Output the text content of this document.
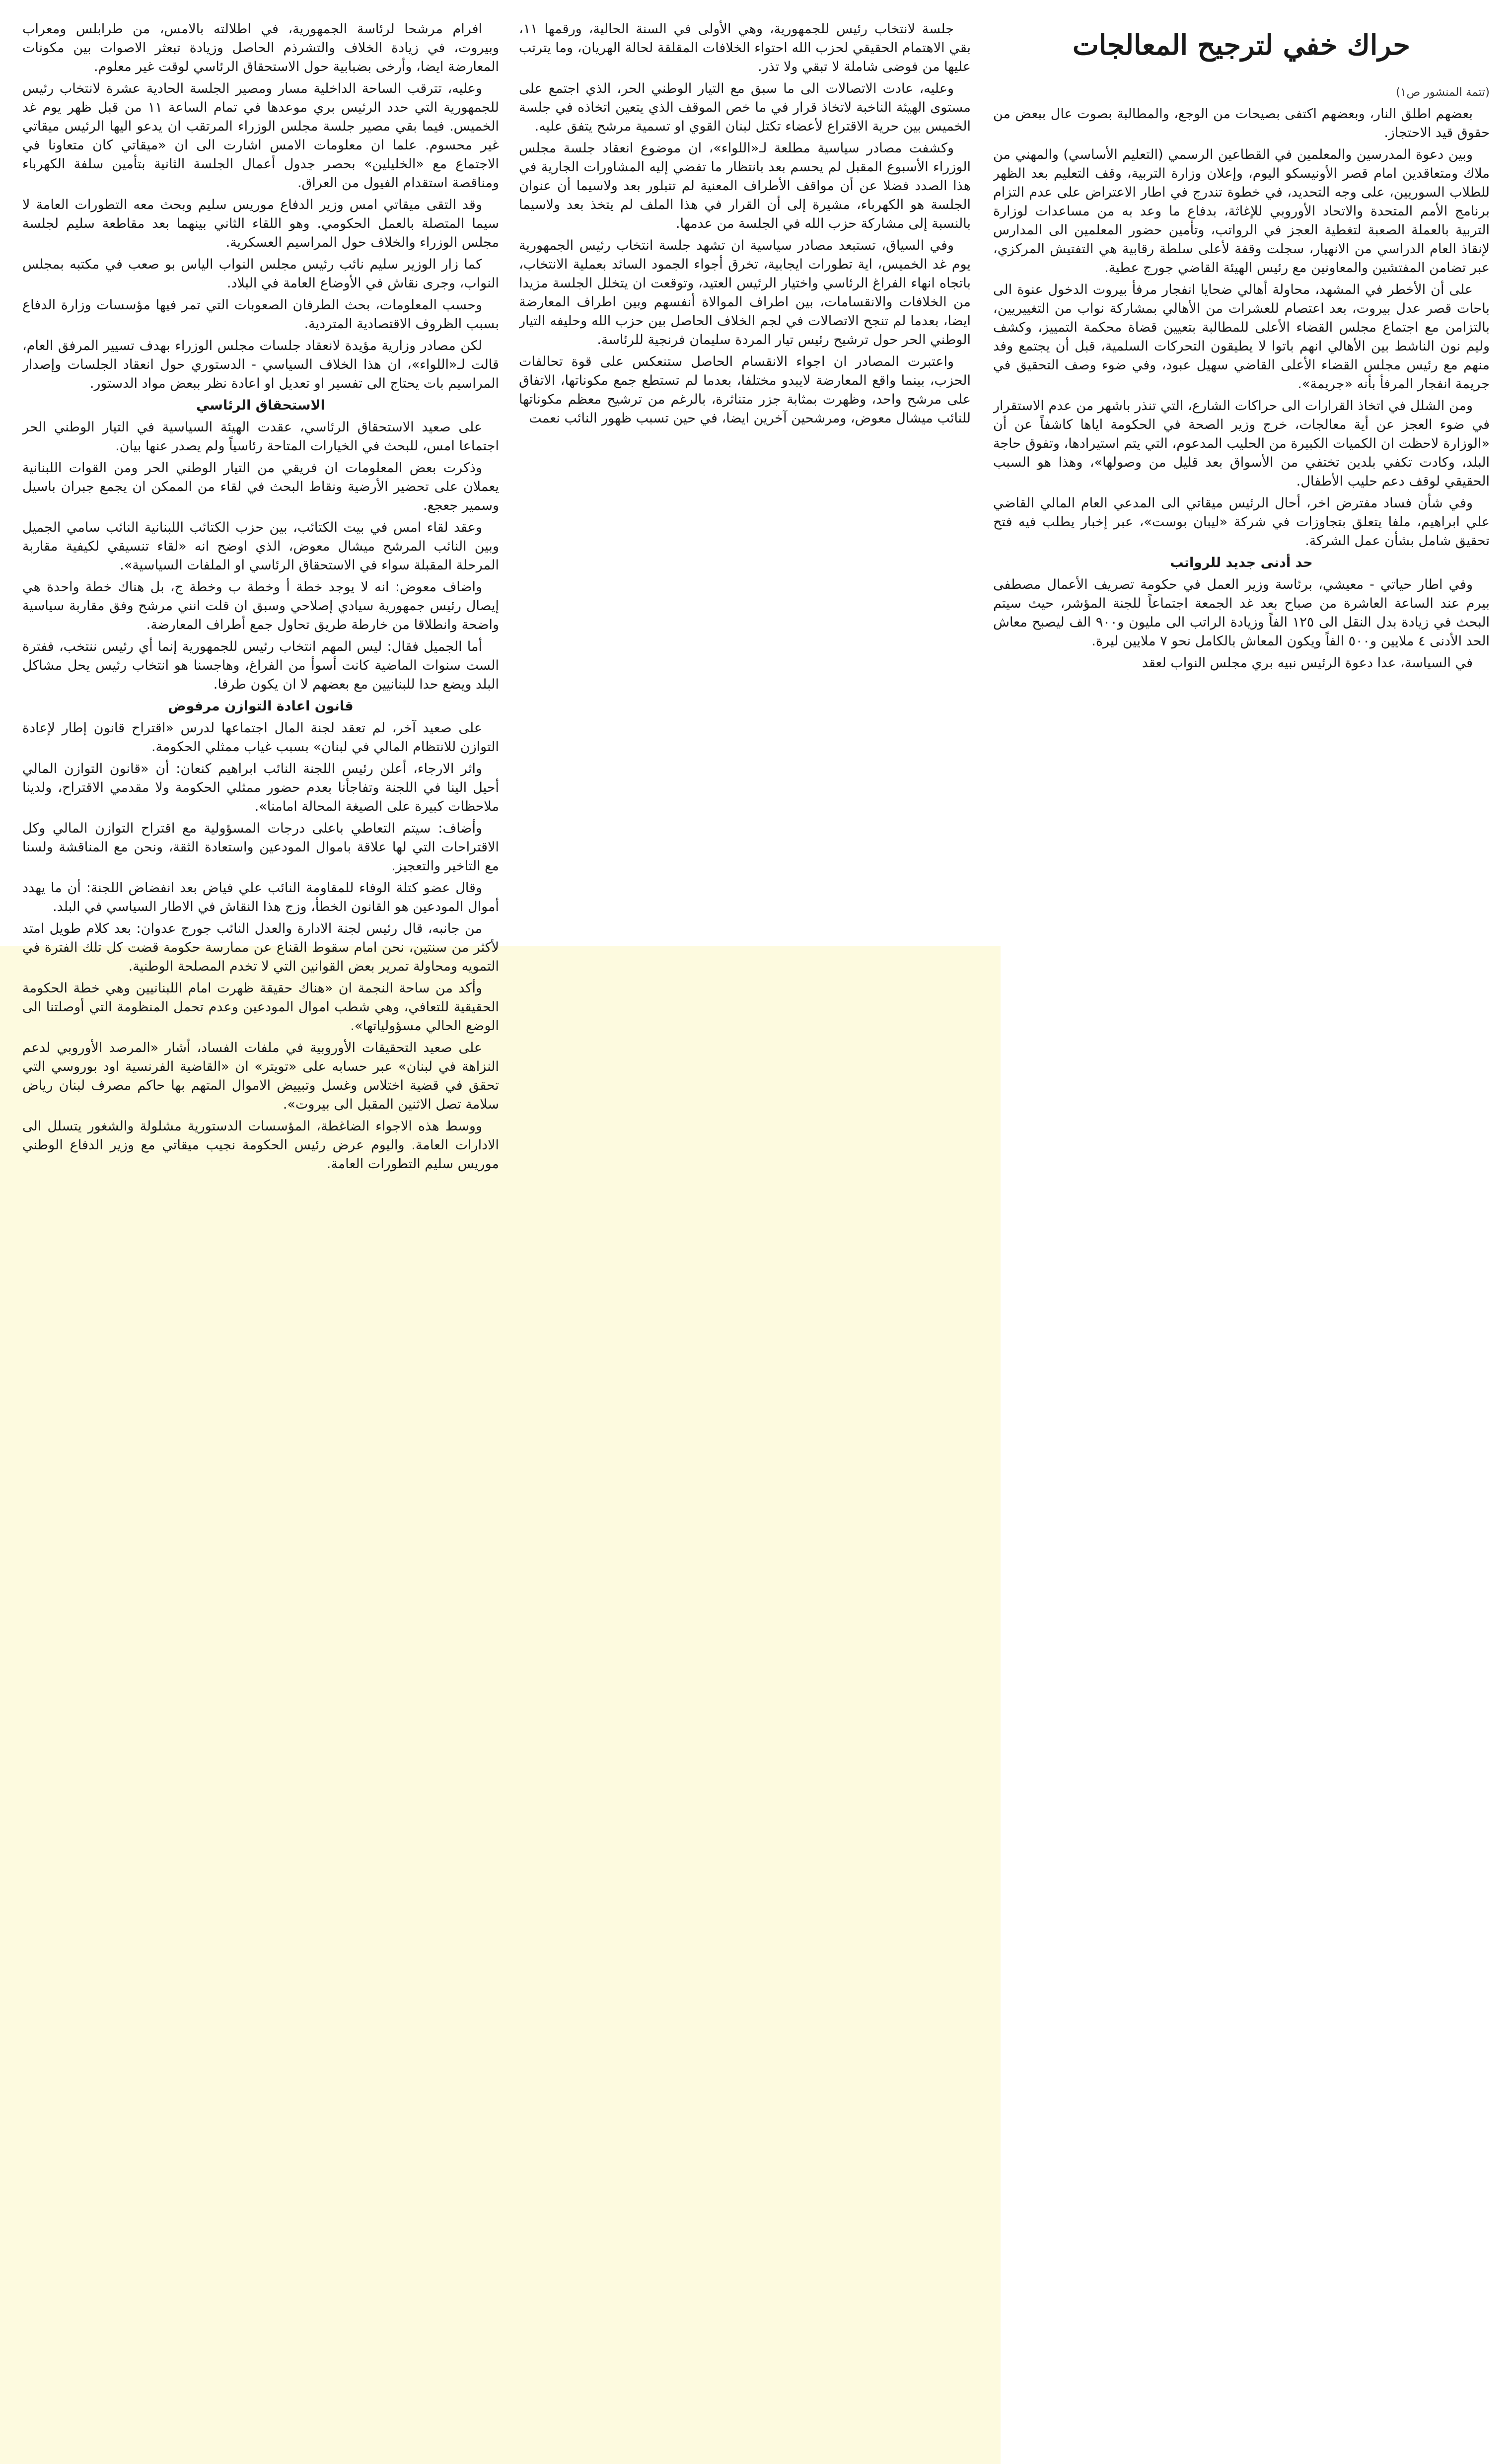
حراك خفي لترجيح المعالجات

(تتمة المنشور ص١)

بعضهم اطلق النار، وبعضهم اكتفى بصيحات من الوجع، والمطالبة بصوت عال ببعض من حقوق قيد الاحتجاز.

وبين دعوة المدرسين والمعلمين في القطاعين الرسمي (التعليم الأساسي) والمهني من ملاك ومتعاقدين امام قصر الأونيسكو اليوم، وإعلان وزارة التربية، وقف التعليم بعد الظهر للطلاب السوريين، على وجه التحديد، في خطوة تندرج في اطار الاعتراض على عدم التزام برنامج الأمم المتحدة والاتحاد الأوروبي للإغاثة، بدفاع ما وعد به من مساعدات لوزارة التربية بالعملة الصعبة لتغطية العجز في الرواتب، وتأمين حضور المعلمين الى المدارس لإنقاذ العام الدراسي من الانهيار، سجلت وقفة لأعلى سلطة رقابية هي التفتيش المركزي، عبر تضامن المفتشين والمعاونين مع رئيس الهيئة القاضي جورج عطية.

على أن الأخطر في المشهد، محاولة أهالي ضحايا انفجار مرفأ بيروت الدخول عنوة الى باحات قصر عدل بيروت، بعد اعتصام للعشرات من الأهالي بمشاركة نواب من التغييريين، بالتزامن مع اجتماع مجلس القضاء الأعلى للمطالبة بتعيين قضاة محكمة التمييز، وكشف وليم نون الناشط بين الأهالي انهم باتوا لا يطيقون التحركات السلمية، قبل أن يجتمع وفد منهم مع رئيس مجلس القضاء الأعلى القاضي سهيل عبود، وفي ضوء وصف التحقيق في جريمة انفجار المرفأ بأنه «جريمة».

ومن الشلل في اتخاذ القرارات الى حراكات الشارع، التي تنذر باشهر من عدم الاستقرار في ضوء العجز عن أية معالجات، خرج وزير الصحة في الحكومة اياها كاشفاً عن أن «الوزارة لاحظت ان الكميات الكبيرة من الحليب المدعوم، التي يتم استيرادها، وتفوق حاجة البلد، وكادت تكفي بلدين تختفي من الأسواق بعد قليل من وصولها»، وهذا هو السبب الحقيقي لوقف دعم حليب الأطفال.

وفي شأن فساد مفترض اخر، أحال الرئيس ميقاتي الى المدعي العام المالي القاضي علي ابراهيم، ملفا يتعلق بتجاوزات في شركة «ليبان بوست»، عبر إخبار يطلب فيه فتح تحقيق شامل بشأن عمل الشركة.

حد أدنى جديد للرواتب

وفي اطار حياتي - معيشي، برئاسة وزير العمل في حكومة تصريف الأعمال مصطفى بيرم عند الساعة العاشرة من صباح بعد غد الجمعة اجتماعاً للجنة المؤشر، حيث سيتم البحث في زيادة بدل النقل الى ١٢٥ الفاً وزيادة الراتب الى مليون و٩٠٠ الف ليصبح معاش الحد الأدنى ٤ ملايين و٥٠٠ الفاً ويكون المعاش بالكامل نحو ٧ ملايين ليرة.

في السياسة، عدا دعوة الرئيس نبيه بري مجلس النواب لعقد

جلسة لانتخاب رئيس للجمهورية، وهي الأولى في السنة الحالية، ورقمها ١١، بقي الاهتمام الحقيقي لحزب الله احتواء الخلافات المقلقة لحالة الهريان، وما يترتب عليها من فوضى شاملة لا تبقي ولا تذر.

وعليه، عادت الاتصالات الى ما سبق مع التيار الوطني الحر، الذي اجتمع على مستوى الهيئة الناخبة لاتخاذ قرار في ما خص الموقف الذي يتعين اتخاذه في جلسة الخميس بين حرية الاقتراع لأعضاء تكتل لبنان القوي او تسمية مرشح يتفق عليه.

وكشفت مصادر سياسية مطلعة لـ«اللواء»، ان موضوع انعقاد جلسة مجلس الوزراء الأسبوع المقبل لم يحسم بعد بانتظار ما تفضي إليه المشاورات الجارية في هذا الصدد فضلا عن أن مواقف الأطراف المعنية لم تتبلور بعد ولاسيما أن عنوان الجلسة هو الكهرباء، مشيرة إلى أن القرار في هذا الملف لم يتخذ بعد ولاسيما بالنسبة إلى مشاركة حزب الله في الجلسة من عدمها.

وفي السياق، تستبعد مصادر سياسية ان تشهد جلسة انتخاب رئيس الجمهورية يوم غد الخميس، اية تطورات ايجابية، تخرق أجواء الجمود السائد بعملية الانتخاب، باتجاه انهاء الفراغ الرئاسي واختيار الرئيس العتيد، وتوقعت ان يتخلل الجلسة مزيدا من الخلافات والانقسامات، بين اطراف الموالاة أنفسهم وبين اطراف المعارضة ايضا، بعدما لم تنجح الاتصالات في لجم الخلاف الحاصل بين حزب الله وحليفه التيار الوطني الحر حول ترشيح رئيس تيار المردة سليمان فرنجية للرئاسة.

واعتبرت المصادر ان اجواء الانقسام الحاصل ستنعكس على قوة تحالفات الحزب، بينما واقع المعارضة لايبدو مختلفا، بعدما لم تستطع جمع مكوناتها، الاتفاق على مرشح واحد، وظهرت بمثابة جزر متناثرة، بالرغم من ترشيح معظم مكوناتها للنائب ميشال معوض، ومرشحين آخرين ايضا، في حين تسبب ظهور النائب نعمت

افرام مرشحا لرئاسة الجمهورية، في اطلالته بالامس، من طرابلس ومعراب وبيروت، في زيادة الخلاف والتشرذم الحاصل وزيادة تبعثر الاصوات بين مكونات المعارضة ايضا، وأرخى بضبابية حول الاستحقاق الرئاسي لوقت غير معلوم.

وعليه، تترقب الساحة الداخلية مسار ومصير الجلسة الحادية عشرة لانتخاب رئيس للجمهورية التي حدد الرئيس بري موعدها في تمام الساعة ١١ من قبل ظهر يوم غد الخميس. فيما بقي مصير جلسة مجلس الوزراء المرتقب ان يدعو اليها الرئيس ميقاتي غير محسوم. علما ان معلومات الامس اشارت الى ان «ميقاتي كان متعاونا في الاجتماع مع «الخليلين» بحصر جدول أعمال الجلسة الثانية بتأمين سلفة الكهرباء ومناقصة استقدام الفيول من العراق.

وقد التقى ميقاتي امس وزير الدفاع موريس سليم وبحث معه التطورات العامة لا سيما المتصلة بالعمل الحكومي. وهو اللقاء الثاني بينهما بعد مقاطعة سليم لجلسة مجلس الوزراء والخلاف حول المراسيم العسكرية.

كما زار الوزير سليم نائب رئيس مجلس النواب الياس بو صعب في مكتبه بمجلس النواب، وجرى نقاش في الأوضاع العامة في البلاد.

وحسب المعلومات، بحث الطرفان الصعوبات التي تمر فيها مؤسسات وزارة الدفاع بسبب الظروف الاقتصادية المتردية.

لكن مصادر وزارية مؤيدة لانعقاد جلسات مجلس الوزراء بهدف تسيير المرفق العام، قالت لـ«اللواء»، ان هذا الخلاف السياسي - الدستوري حول انعقاد الجلسات وإصدار المراسيم بات يحتاج الى تفسير او تعديل او اعادة نظر ببعض مواد الدستور.

الاستحقاق الرئاسي

على صعيد الاستحقاق الرئاسي، عقدت الهيئة السياسية في التيار الوطني الحر اجتماعا امس، للبحث في الخيارات المتاحة رئاسياً ولم يصدر عنها بيان.

وذكرت بعض المعلومات ان فريقي من التيار الوطني الحر ومن القوات اللبنانية يعملان على تحضير الأرضية ونقاط البحث في لقاء من الممكن ان يجمع جبران باسيل وسمير جعجع.

وعقد لقاء امس في بيت الكتائب، بين حزب الكتائب اللبنانية النائب سامي الجميل وبين النائب المرشح ميشال معوض، الذي اوضح انه «لقاء تنسيقي لكيفية مقاربة المرحلة المقبلة سواء في الاستحقاق الرئاسي او الملفات السياسية».

واضاف معوض: انه لا يوجد خطة أ وخطة ب وخطة ج، بل هناك خطة واحدة هي إيصال رئيس جمهورية سيادي إصلاحي وسبق ان قلت انني مرشح وفق مقاربة سياسية واضحة وانطلاقا من خارطة طريق تحاول جمع أطراف المعارضة.

أما الجميل فقال: ليس المهم انتخاب رئيس للجمهورية إنما أي رئيس ننتخب، ففترة الست سنوات الماضية كانت أسوأ من الفراغ، وهاجسنا هو انتخاب رئيس يحل مشاكل البلد ويضع حدا للبنانيين مع بعضهم لا ان يكون طرفا.

قانون اعادة التوازن مرفوض

على صعيد آخر، لم تعقد لجنة المال اجتماعها لدرس «اقتراح قانون إطار لإعادة التوازن للانتظام المالي في لبنان» بسبب غياب ممثلي الحكومة.

واثر الارجاء، أعلن رئيس اللجنة النائب ابراهيم كنعان: أن «قانون التوازن المالي أحيل الينا في اللجنة وتفاجأنا بعدم حضور ممثلي الحكومة ولا مقدمي الاقتراح، ولدينا ملاحظات كبيرة على الصيغة المحالة امامنا».

وأضاف: سيتم التعاطي باعلى درجات المسؤولية مع اقتراح التوازن المالي وكل الاقتراحات التي لها علاقة باموال المودعين واستعادة الثقة، ونحن مع المناقشة ولسنا مع التاخير والتعجيز.

وقال عضو كتلة الوفاء للمقاومة النائب علي فياض بعد انفضاض اللجنة: أن ما يهدد أموال المودعين هو القانون الخطأ، وزج هذا النقاش في الاطار السياسي في البلد.

من جانبه، قال رئيس لجنة الادارة والعدل النائب جورج عدوان: بعد كلام طويل امتد لأكثر من سنتين، نحن امام سقوط القناع عن ممارسة حكومة قضت كل تلك الفترة في التمويه ومحاولة تمرير بعض القوانين التي لا تخدم المصلحة الوطنية.

وأكد من ساحة النجمة ان «هناك حقيقة ظهرت امام اللبنانيين وهي خطة الحكومة الحقيقية للتعافي، وهي شطب اموال المودعين وعدم تحمل المنظومة التي أوصلتنا الى الوضع الحالي مسؤولياتها».

على صعيد التحقيقات الأوروبية في ملفات الفساد، أشار «المرصد الأوروبي لدعم النزاهة في لبنان» عبر حسابه على «تويتر» ان «القاضية الفرنسية اود بوروسي التي تحقق في قضية اختلاس وغسل وتبييض الاموال المتهم بها حاكم مصرف لبنان رياض سلامة تصل الاثنين المقبل الى بيروت».

ووسط هذه الاجواء الضاغطة، المؤسسات الدستورية مشلولة والشغور يتسلل الى الادارات العامة. واليوم عرض رئيس الحكومة نجيب ميقاتي مع وزير الدفاع الوطني موريس سليم التطورات العامة.
